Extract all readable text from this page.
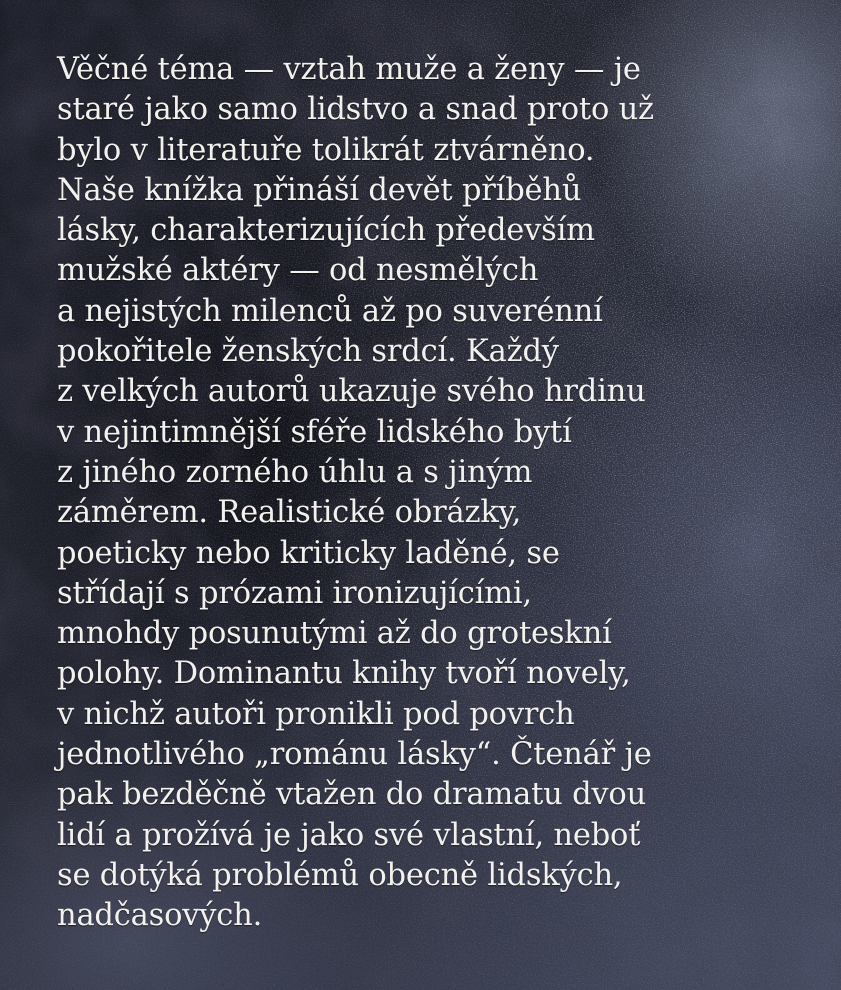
Věčné téma — vztah muže a ženy — je
staré jako samo lidstvo a snad proto už
bylo v literatuře tolikrát ztvárněno.
Naše knížka přináší devět příběhů
lásky, charakterizujících především
mužské aktéry — od nesmělých
a nejistých milenců až po suverénní
pokořitele ženských srdcí. Každý
z velkých autorů ukazuje svého hrdinu
v nejintimnější sféře lidského bytí
z jiného zorného úhlu a s jiným
záměrem. Realistické obrázky,
poeticky nebo kriticky laděné, se
střídají s prózami ironizujícími,
mnohdy posunutými až do groteskní
polohy. Dominantu knihy tvoří novely,
v nichž autoři pronikli pod povrch
jednotlivého „románu lásky“. Čtenář je
pak bezděčně vtažen do dramatu dvou
lidí a prožívá je jako své vlastní, neboť
se dotýká problémů obecně lidských,
nadčasových.
